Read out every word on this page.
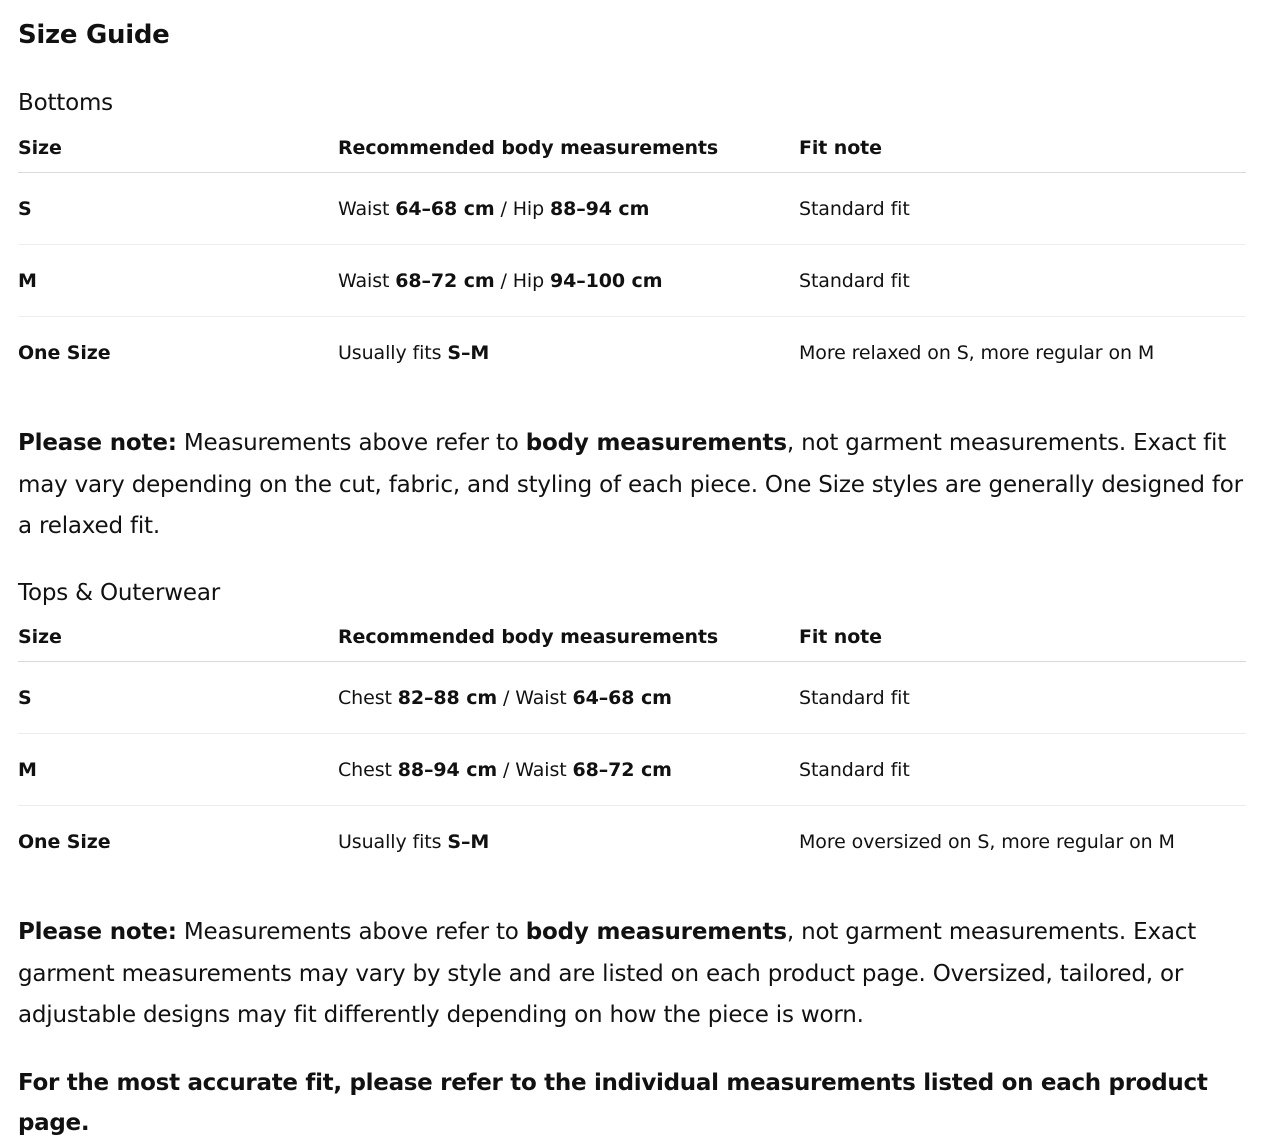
Size Guide
Bottoms
Size	Recommended body measurements	Fit note
S	Waist 64–68 cm / Hip 88–94 cm	Standard fit
M	Waist 68–72 cm / Hip 94–100 cm	Standard fit
One Size	Usually fits S–M	More relaxed on S, more regular on M

Please note: Measurements above refer to body measurements, not garment measurements. Exact fit may vary depending on the cut, fabric, and styling of each piece. One Size styles are generally designed for a relaxed fit.

Tops & Outerwear
Size	Recommended body measurements	Fit note
S	Chest 82–88 cm / Waist 64–68 cm	Standard fit
M	Chest 88–94 cm / Waist 68–72 cm	Standard fit
One Size	Usually fits S–M	More oversized on S, more regular on M

Please note: Measurements above refer to body measurements, not garment measurements. Exact garment measurements may vary by style and are listed on each product page. Oversized, tailored, or adjustable designs may fit differently depending on how the piece is worn.

For the most accurate fit, please refer to the individual measurements listed on each product page.
